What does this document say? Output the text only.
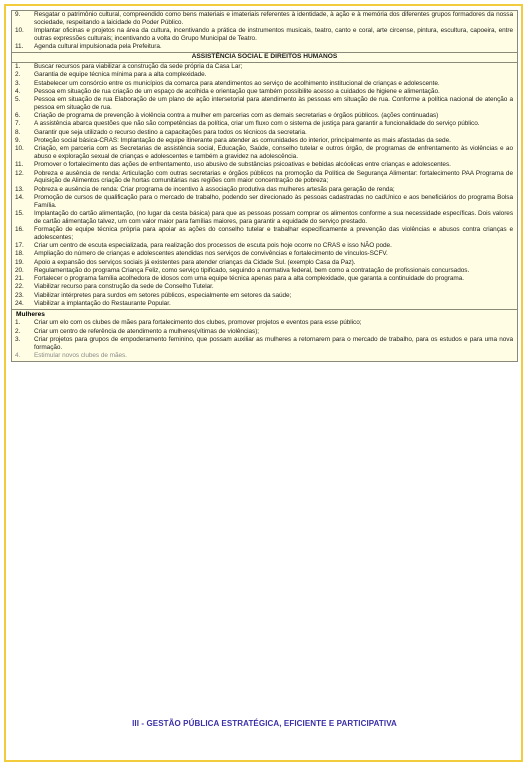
9.	Resgatar o patrimônio cultural, compreendido como bens materiais e imateriais referentes à identidade, à ação e à memória dos diferentes grupos formadores da nossa sociedade, respeitando a laicidade do Poder Público.
10.	Implantar oficinas e projetos na área da cultura, incentivando a prática de instrumentos musicais, teatro, canto e coral, arte circense, pintura, escultura, capoeira, entre outras expressões culturais; incentivando a volta do Grupo Municipal de Teatro.
11.	Agenda cultural impulsionada pela Prefeitura.
ASSISTÊNCIA SOCIAL E DIREITOS HUMANOS
1.	Buscar recursos para viabilizar a construção da sede própria da Casa Lar;
2.	Garantia de equipe técnica mínima para a alta complexidade.
3.	Estabelecer um consórcio entre os municípios da comarca para atendimentos ao serviço de acolhimento institucional de crianças e adolescente.
4.	Pessoa em situação de rua criação de um espaço de acolhida e orientação que também possibilite acesso a cuidados de higiene e alimentação.
5.	Pessoa em situação de rua Elaboração de um plano de ação intersetorial para atendimento às pessoas em situação de rua. Conforme a política nacional de atenção a pessoa em situação de rua.
6.	Criação de programa de prevenção à violência contra a mulher em parcerias com as demais secretarias e órgãos públicos. (ações continuadas)
7.	A assistência abarca questões que não são competências da política, criar um fluxo com o sistema de justiça para garantir a funcionalidade do serviço público.
8.	Garantir que seja utilizado o recurso destino a capacitações para todos os técnicos da secretaria.
9.	Proteção social básica-CRAS: Implantação de equipe itinerante para atender as comunidades do interior, principalmente as mais afastadas da sede.
10.	Criação, em parceria com as Secretarias de assistência social, Educação, Saúde, conselho tutelar e outros órgão, de programas de enfrentamento às violências e ao abuso e exploração sexual de crianças e adolescentes e também a gravidez na adolescência.
11.	Promover o fortalecimento das ações de enfrentamento, uso abusivo de substâncias psicoativas e bebidas alcóolicas entre crianças e adolescentes.
12.	Pobreza e ausência de renda: Articulação com outras secretarias e órgãos públicos na promoção da Política de Segurança Alimentar: fortalecimento PAA Programa de Aquisição de Alimentos criação de hortas comunitárias nas regiões com maior concentração de pobreza;
13.	Pobreza e ausência de renda: Criar programa de incentivo à associação produtiva das mulheres artesãs para geração de renda;
14.	Promoção de cursos de qualificação para o mercado de trabalho, podendo ser direcionado às pessoas cadastradas no cadUnico e aos beneficiários do programa Bolsa Família.
15.	Implantação do cartão alimentação, (no lugar da cesta básica) para que as pessoas possam comprar os alimentos conforme a sua necessidade específicas. Dois valores de cartão alimentação talvez, um com valor maior para famílias maiores, para garantir a equidade do serviço prestado.
16.	Formação de equipe técnica própria para apoiar as ações do conselho tutelar e trabalhar especificamente a prevenção das violências e abusos contra crianças e adolescentes;
17.	Criar um centro de escuta especializada, para realização dos processos de escuta pois hoje ocorre no CRAS e isso NÃO pode.
18.	Ampliação do número de crianças e adolescentes atendidas nos serviços de convivências e fortalecimento de vínculos-SCFV.
19.	Apoio a expansão dos serviços sociais já existentes para atender crianças da Cidade Sul. (exemplo Casa da Paz).
20.	Regulamentação do programa Criança Feliz, como serviço tipificado, seguindo a normativa federal, bem como a contratação de profissionais concursados.
21.	Fortalecer o programa família acolhedora de idosos com uma equipe técnica apenas para a alta complexidade, que garanta a continuidade do programa.
22.	Viabilizar recurso para construção da sede de Conselho Tutelar.
23.	Viabilizar intérpretes para surdos em setores públicos, especialmente em setores da saúde;
24.	Viabilizar a implantação do Restaurante Popular.
Mulheres
1.	Criar um elo com os clubes de mães para fortalecimento dos clubes, promover projetos e eventos para esse público;
2.	Criar um centro de referência de atendimento a mulheres(vítimas de violências);
3.	Criar projetos para grupos de empoderamento feminino, que possam auxiliar as mulheres a retornarem para o mercado de trabalho, para os estudos e para uma nova formação.
4.	Estimular novos clubes de mães.
III - GESTÃO PÚBLICA ESTRATÉGICA, EFICIENTE E PARTICIPATIVA
